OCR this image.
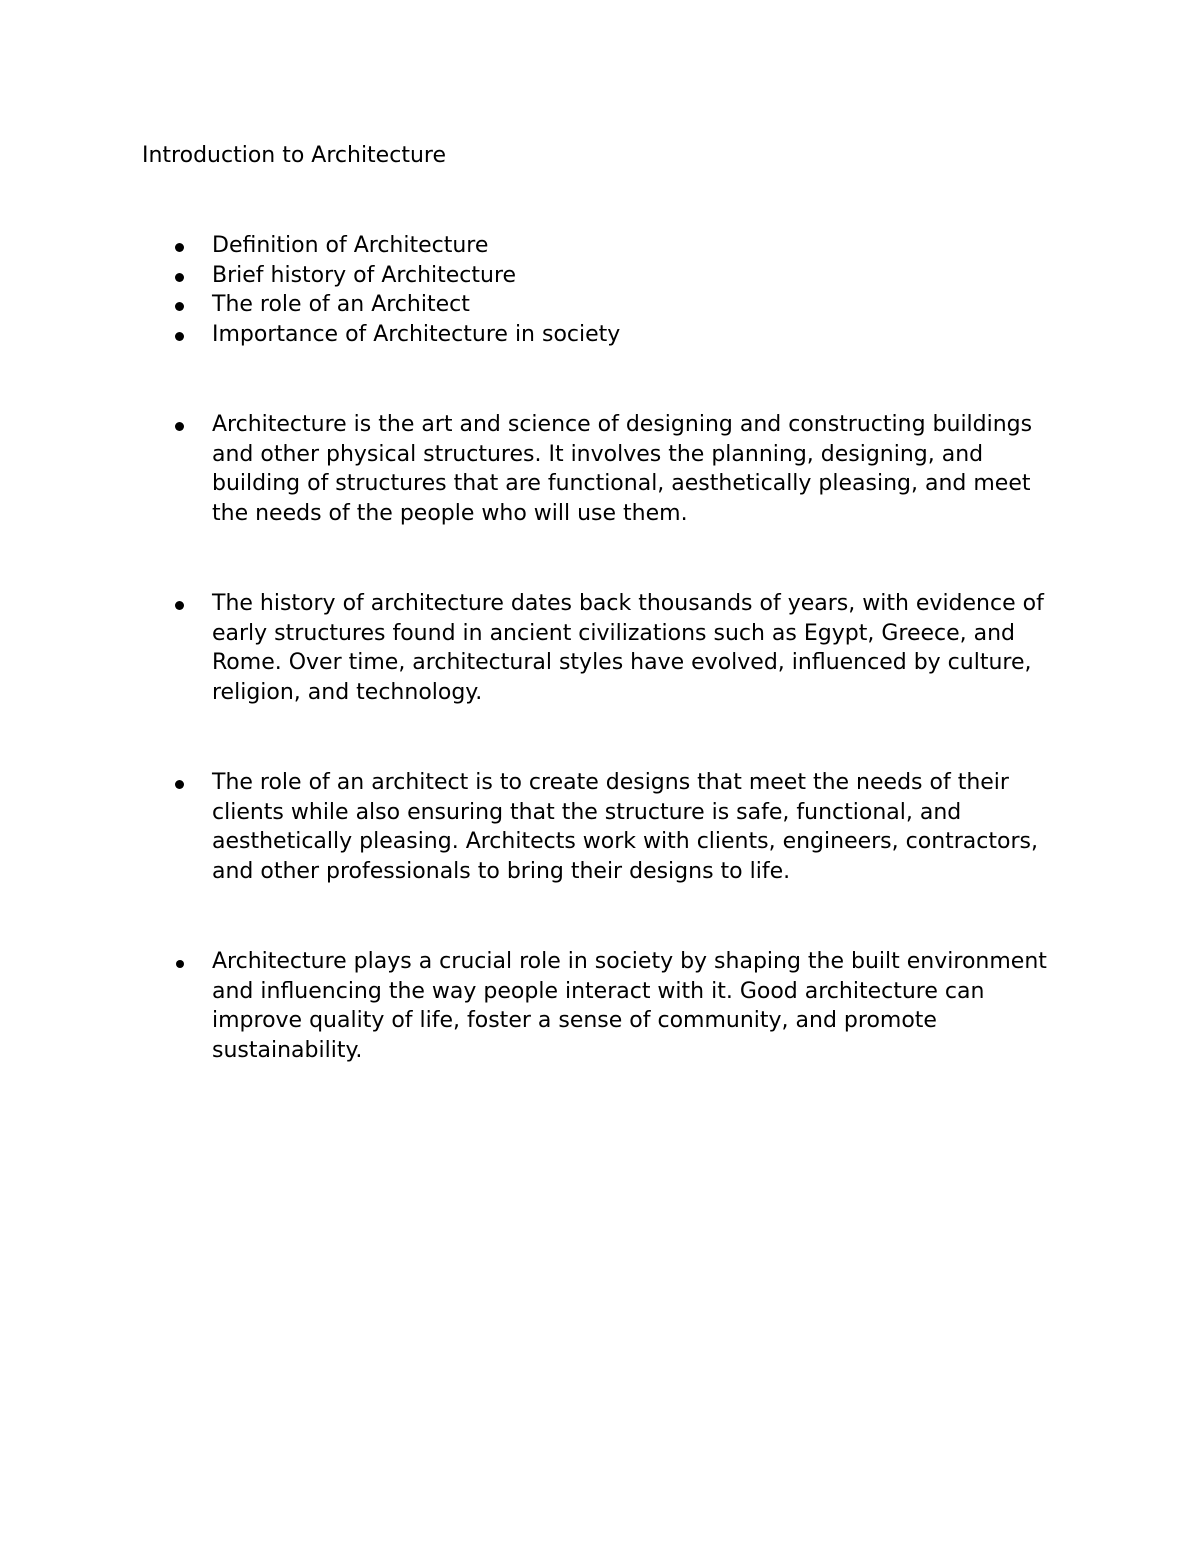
Introduction to Architecture
Definition of Architecture
Brief history of Architecture
The role of an Architect
Importance of Architecture in society
Architecture is the art and science of designing and constructing buildings and other physical structures. It involves the planning, designing, and building of structures that are functional, aesthetically pleasing, and meet the needs of the people who will use them.
The history of architecture dates back thousands of years, with evidence of early structures found in ancient civilizations such as Egypt, Greece, and Rome. Over time, architectural styles have evolved, influenced by culture, religion, and technology.
The role of an architect is to create designs that meet the needs of their clients while also ensuring that the structure is safe, functional, and aesthetically pleasing. Architects work with clients, engineers, contractors, and other professionals to bring their designs to life.
Architecture plays a crucial role in society by shaping the built environment and influencing the way people interact with it. Good architecture can improve quality of life, foster a sense of community, and promote sustainability.
